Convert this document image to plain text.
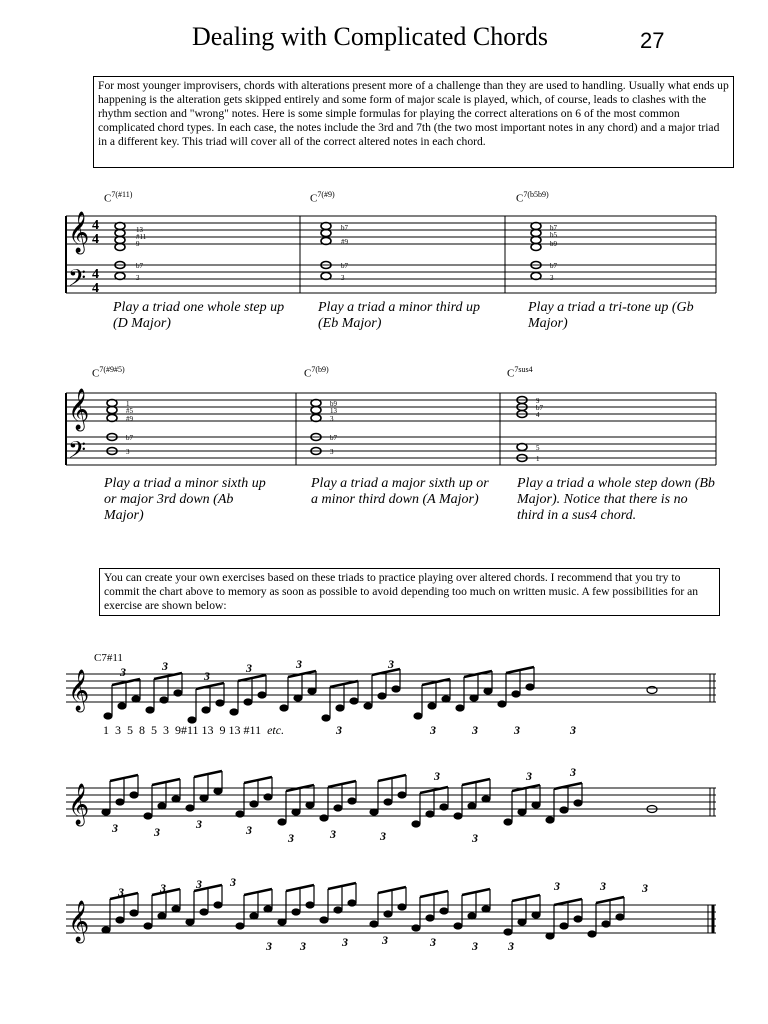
Dealing with Complicated Chords	27
For most younger improvisers, chords with alterations present more of a challenge than they are used to handling. Usually what ends up happening is the alteration gets skipped entirely and some form of major scale is played, which, of course, leads to clashes with the rhythm section and "wrong" notes. Here is some simple formulas for playing the correct alterations on 6 of the most common complicated chord types. In each case, the notes include the 3rd and 7th (the two most important notes in any chord) and a major triad in a different key. This triad will cover all of the correct altered notes in each chord.
$C^{7(\#11)}$	$C^{7(\#9)}$	$C^{7(b5b9)}$
Play a triad one whole step up (D Major)
Play a triad a minor third up (Eb Major)
Play a triad a tri-tone up (Gb Major)
$C^{7(\#9\#5)}$	$C^{7(b9)}$	$C^{7sus4}$
Play a triad a minor sixth up or major 3rd down (Ab Major)
Play a triad a major sixth up or a minor third down (A Major)
Play a triad a whole step down (Bb Major). Notice that there is no third in a sus4 chord.
You can create your own exercises based on these triads to practice playing over altered chords. I recommend that you try to commit the chart above to memory as soon as possible to avoid depending too much on written music. A few possibilities for an exercise are shown below:
C7#11
1  3  5  8  5  3  9#11 13  9 13 #11 etc.
𝄞
𝄢
4
4
4
4
𝄞
𝄢
𝄞
𝄞
𝄞
13
#11
9
b7
3
b7
#9
b7
3
b7
b5
b9
b7
3
1
#5
#9
b7
3
b9
13
3
b7
3
9
b7
4
5
1
3	3
3
3	3
3
3
3	3	3	3
3	3
3	3
3	3	3
3
3
3	3
3	3	3 3
3 3	3	3	3	3	3
3	3	3
